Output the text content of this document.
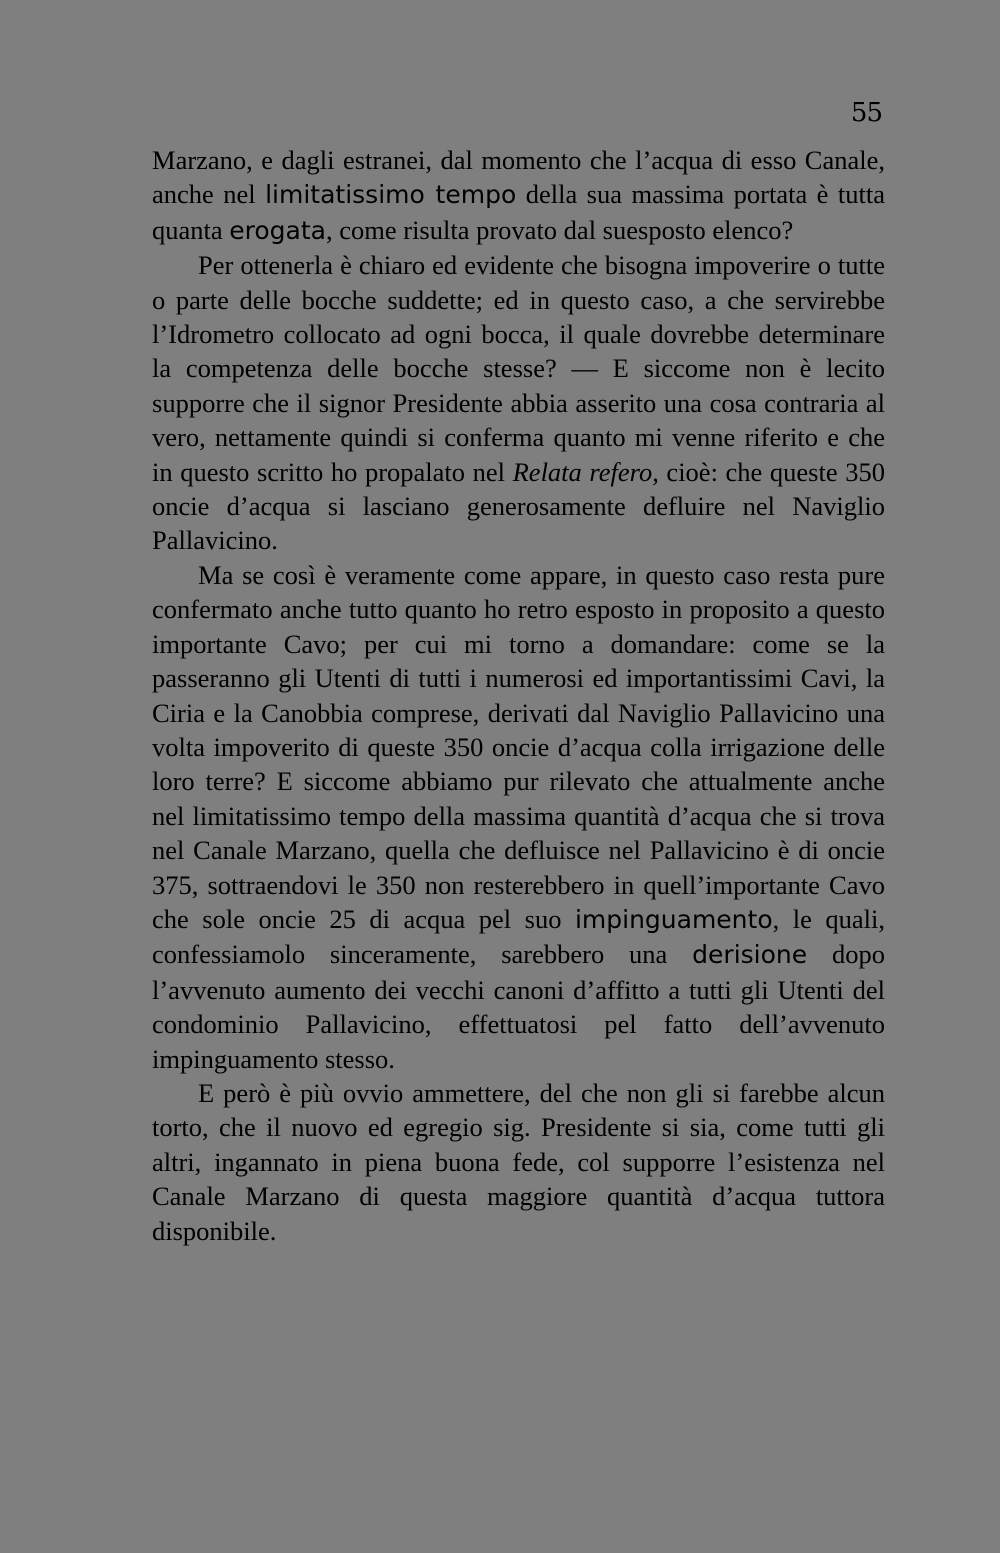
55

Marzano, e dagli estranei, dal momento che l’acqua di esso Canale, anche nel limitatissimo tempo della sua massima portata è tutta quanta erogata, come risulta provato dal suesposto elenco?

Per ottenerla è chiaro ed evidente che bisogna impoverire o tutte o parte delle bocche suddette; ed in questo caso, a che servirebbe l’Idrometro collocato ad ogni bocca, il quale dovrebbe determinare la competenza delle bocche stesse? — E siccome non è lecito supporre che il signor Presidente abbia asserito una cosa contraria al vero, nettamente quindi si conferma quanto mi venne riferito e che in questo scritto ho propalato nel Relata refero, cioè: che queste 350 oncie d’acqua si lasciano generosamente defluire nel Naviglio Pallavicino.

Ma se così è veramente come appare, in questo caso resta pure confermato anche tutto quanto ho retro esposto in proposito a questo importante Cavo; per cui mi torno a domandare: come se la passeranno gli Utenti di tutti i numerosi ed importantissimi Cavi, la Ciria e la Canobbia comprese, derivati dal Naviglio Pallavicino una volta impoverito di queste 350 oncie d’acqua colla irrigazione delle loro terre? E siccome abbiamo pur rilevato che attualmente anche nel limitatissimo tempo della massima quantità d’acqua che si trova nel Canale Marzano, quella che defluisce nel Pallavicino è di oncie 375, sottraendovi le 350 non resterebbero in quell’importante Cavo che sole oncie 25 di acqua pel suo impinguamento, le quali, confessiamolo sinceramente, sarebbero una derisione dopo l’avvenuto aumento dei vecchi canoni d’affitto a tutti gli Utenti del condominio Pallavicino, effettuatosi pel fatto dell’avvenuto impinguamento stesso.

E però è più ovvio ammettere, del che non gli si farebbe alcun torto, che il nuovo ed egregio sig. Presidente si sia, come tutti gli altri, ingannato in piena buona fede, col supporre l’esistenza nel Canale Marzano di questa maggiore quantità d’acqua tuttora disponibile.
